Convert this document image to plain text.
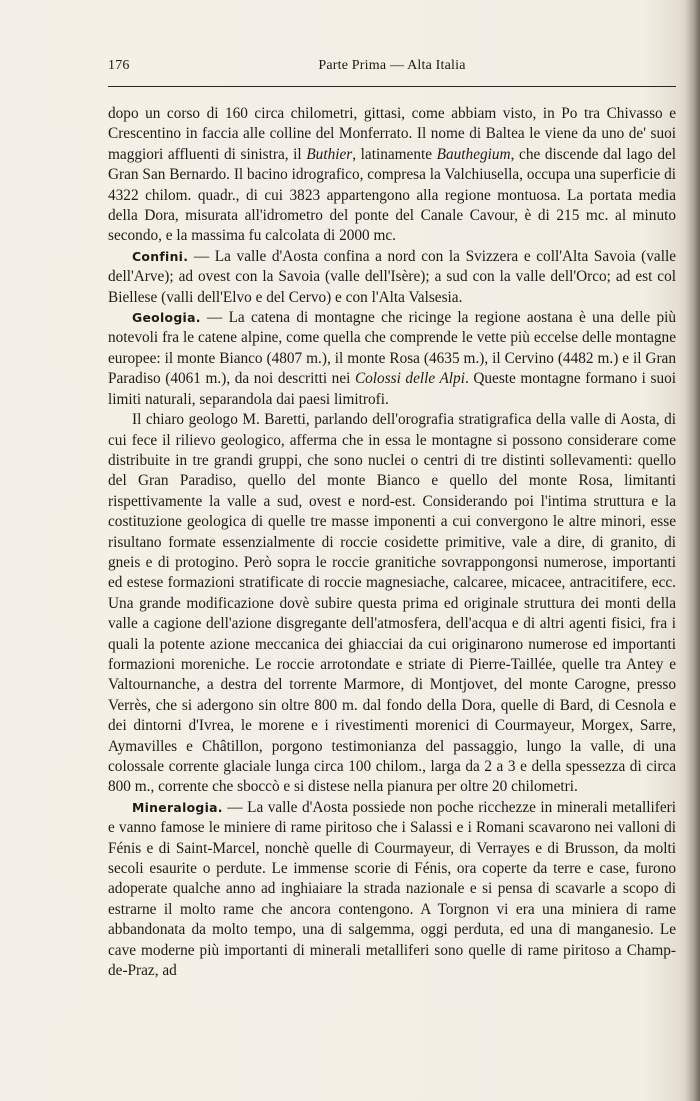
176	Parte Prima — Alta Italia

dopo un corso di 160 circa chilometri, gittasi, come abbiam visto, in Po tra Chivasso e Crescentino in faccia alle colline del Monferrato. Il nome di Baltea le viene da uno de' suoi maggiori affluenti di sinistra, il Buthier, latinamente Bauthegium, che discende dal lago del Gran San Bernardo. Il bacino idrografico, compresa la Valchiusella, occupa una superficie di 4322 chilom. quadr., di cui 3823 appartengono alla regione montuosa. La portata media della Dora, misurata all'idrometro del ponte del Canale Cavour, è di 215 mc. al minuto secondo, e la massima fu calcolata di 2000 mc.

Confini. — La valle d'Aosta confina a nord con la Svizzera e coll'Alta Savoia (valle dell'Arve); ad ovest con la Savoia (valle dell'Isère); a sud con la valle dell'Orco; ad est col Biellese (valli dell'Elvo e del Cervo) e con l'Alta Valsesia.

Geologia. — La catena di montagne che ricinge la regione aostana è una delle più notevoli fra le catene alpine, come quella che comprende le vette più eccelse delle montagne europee: il monte Bianco (4807 m.), il monte Rosa (4635 m.), il Cervino (4482 m.) e il Gran Paradiso (4061 m.), da noi descritti nei Colossi delle Alpi. Queste montagne formano i suoi limiti naturali, separandola dai paesi limitrofi.

Il chiaro geologo M. Baretti, parlando dell'orografia stratigrafica della valle di Aosta, di cui fece il rilievo geologico, afferma che in essa le montagne si possono considerare come distribuite in tre grandi gruppi, che sono nuclei o centri di tre distinti sollevamenti: quello del Gran Paradiso, quello del monte Bianco e quello del monte Rosa, limitanti rispettivamente la valle a sud, ovest e nord-est. Considerando poi l'intima struttura e la costituzione geologica di quelle tre masse imponenti a cui convergono le altre minori, esse risultano formate essenzialmente di roccie cosidette primitive, vale a dire, di granito, di gneis e di protogino. Però sopra le roccie granitiche sovrappongonsi numerose, importanti ed estese formazioni stratificate di roccie magnesiache, calcaree, micacee, antracitifere, ecc. Una grande modificazione dovè subire questa prima ed originale struttura dei monti della valle a cagione dell'azione disgregante dell'atmosfera, dell'acqua e di altri agenti fisici, fra i quali la potente azione meccanica dei ghiacciai da cui originarono numerose ed importanti formazioni moreniche. Le roccie arrotondate e striate di Pierre-Taillée, quelle tra Antey e Valtournanche, a destra del torrente Marmore, di Montjovet, del monte Carogne, presso Verrès, che si adergono sin oltre 800 m. dal fondo della Dora, quelle di Bard, di Cesnola e dei dintorni d'Ivrea, le morene e i rivestimenti morenici di Courmayeur, Morgex, Sarre, Aymavilles e Châtillon, porgono testimonianza del passaggio, lungo la valle, di una colossale corrente glaciale lunga circa 100 chilom., larga da 2 a 3 e della spessezza di circa 800 m., corrente che sboccò e si distese nella pianura per oltre 20 chilometri.

Mineralogia. — La valle d'Aosta possiede non poche ricchezze in minerali metalliferi e vanno famose le miniere di rame piritoso che i Salassi e i Romani scavarono nei valloni di Fénis e di Saint-Marcel, nonchè quelle di Courmayeur, di Verrayes e di Brusson, da molti secoli esaurite o perdute. Le immense scorie di Fénis, ora coperte da terre e case, furono adoperate qualche anno ad inghiaiare la strada nazionale e si pensa di scavarle a scopo di estrarne il molto rame che ancora contengono. A Torgnon vi era una miniera di rame abbandonata da molto tempo, una di salgemma, oggi perduta, ed una di manganesio. Le cave moderne più importanti di minerali metalliferi sono quelle di rame piritoso a Champ-de-Praz, ad
